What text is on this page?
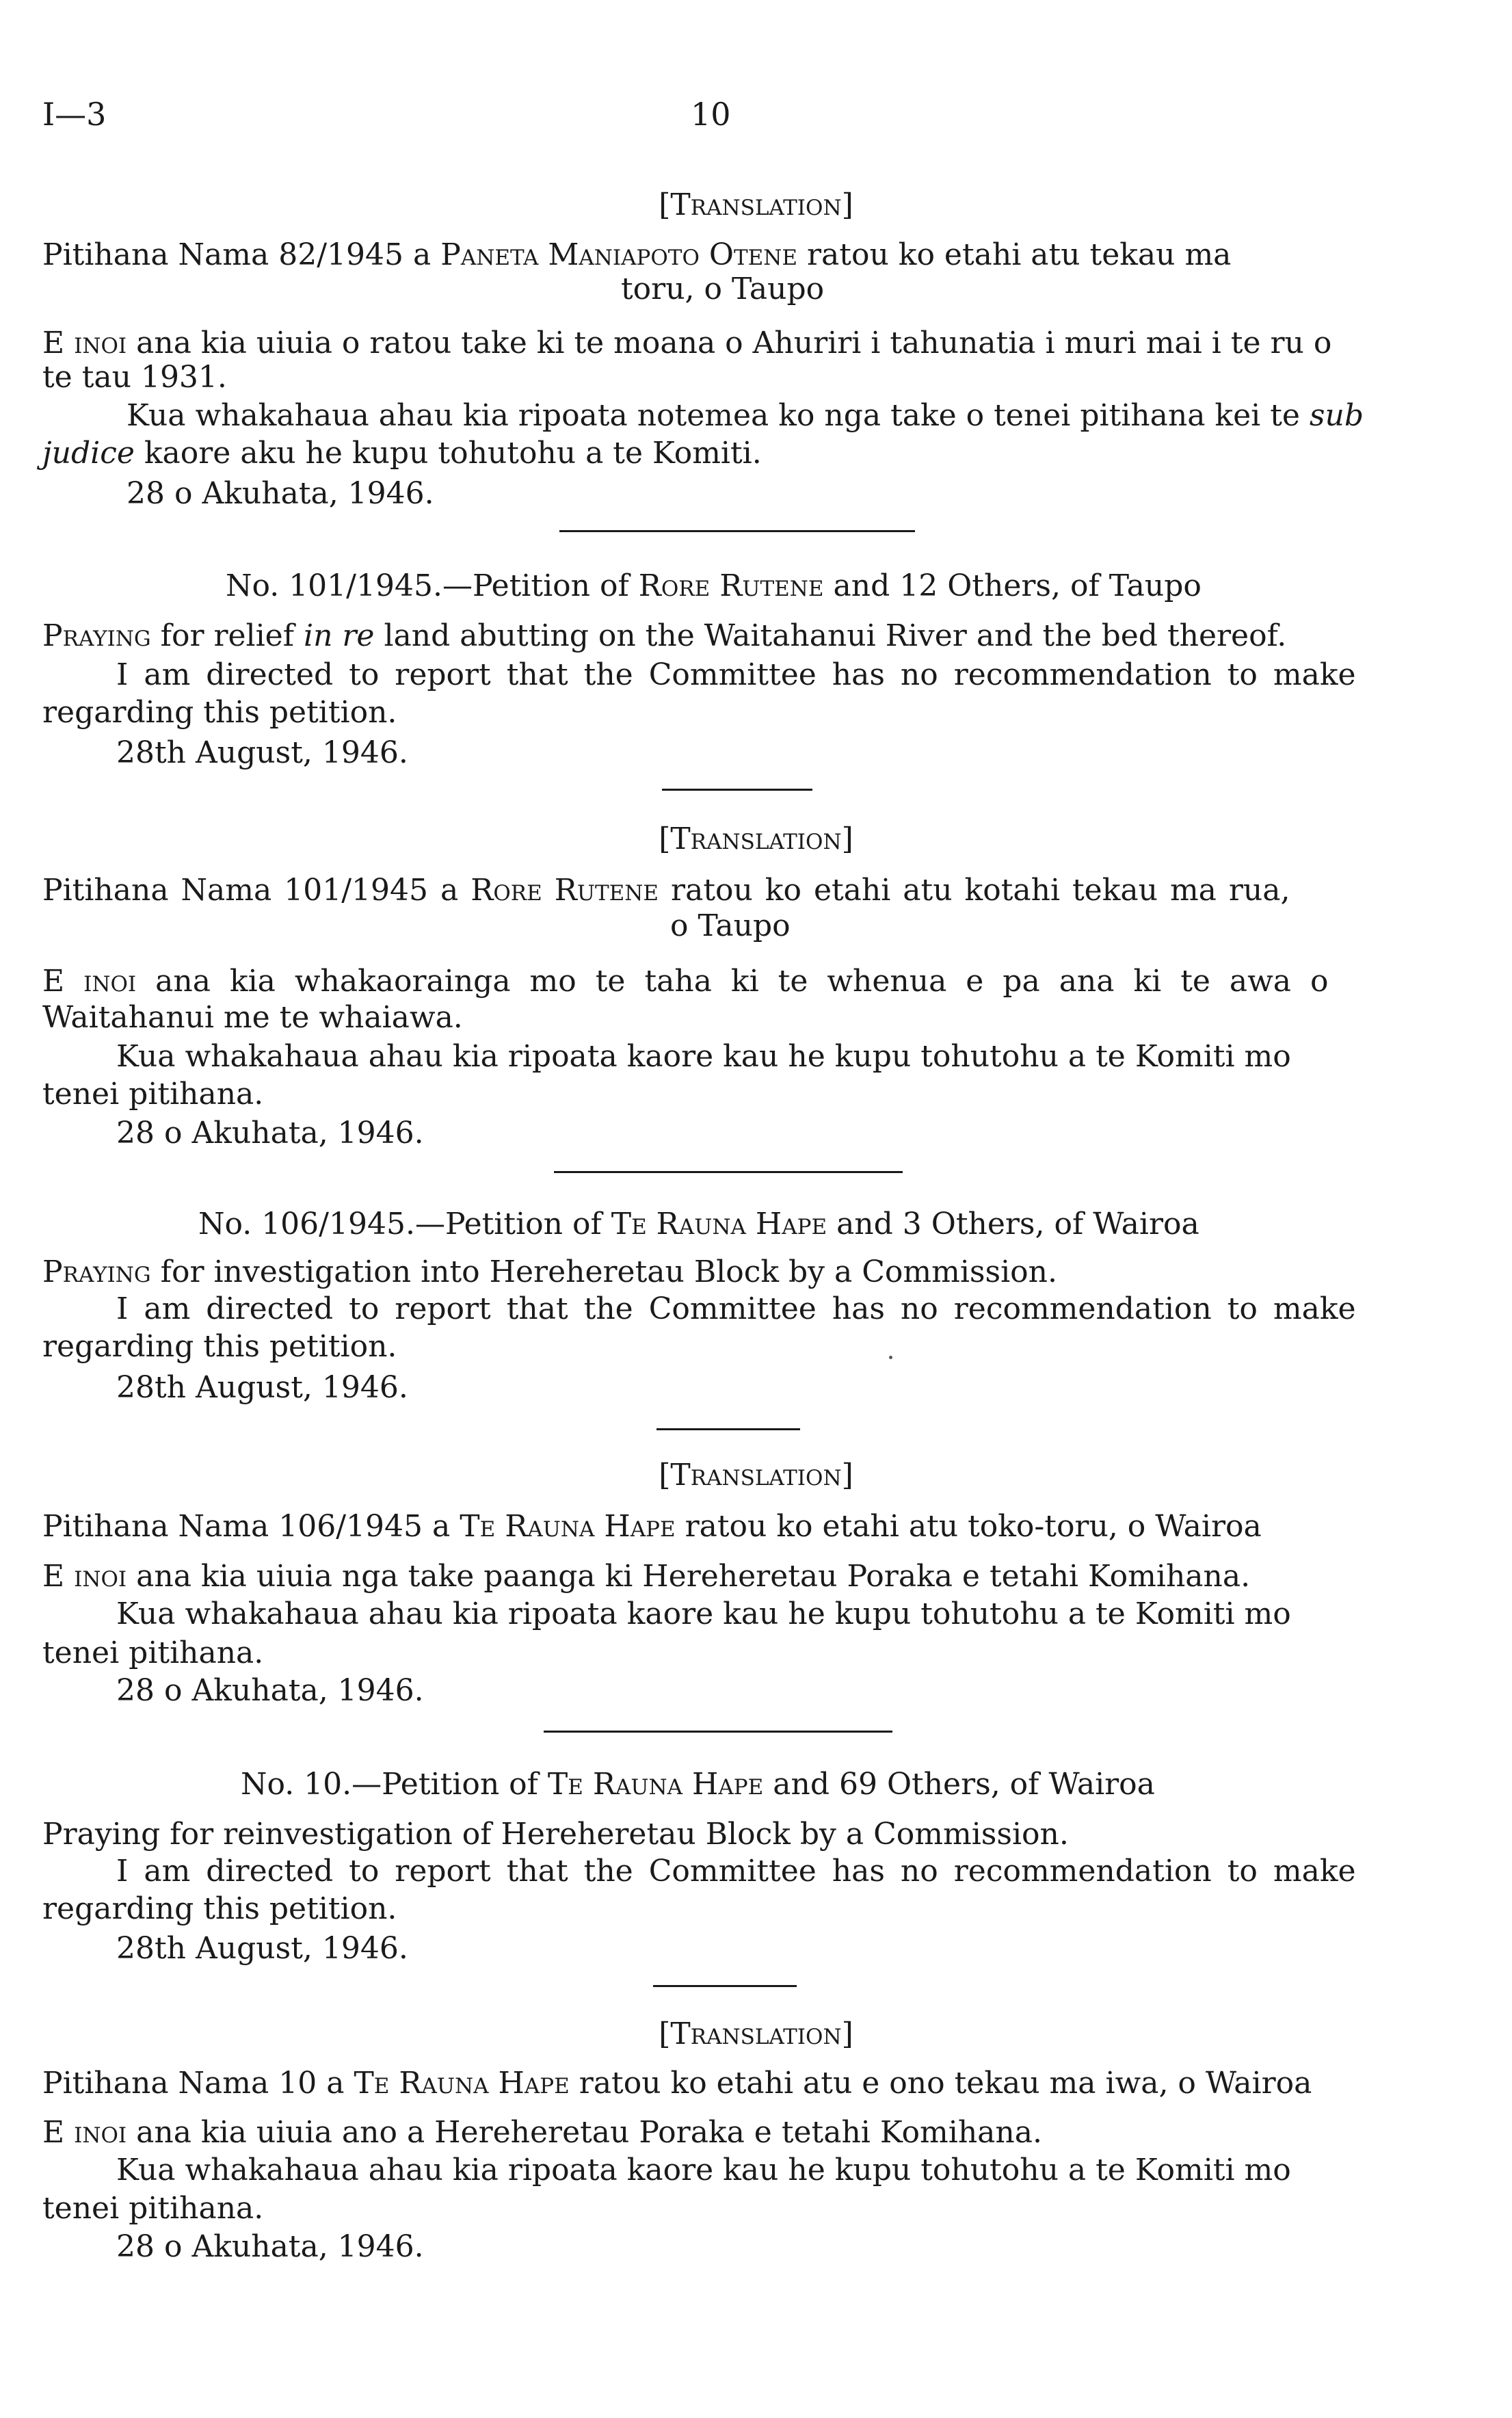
I—3	10
[Translation]
Pitihana Nama 82/1945 a Paneta Maniapoto Otene ratou ko etahi atu tekau ma
toru, o Taupo
E inoi ana kia uiuia o ratou take ki te moana o Ahuriri i tahunatia i muri mai i te ru o
te tau 1931.
Kua whakahaua ahau kia ripoata notemea ko nga take o tenei pitihana kei te sub
judice kaore aku he kupu tohutohu a te Komiti.
28 o Akuhata, 1946.
No. 101/1945.—Petition of Rore Rutene and 12 Others, of Taupo
Praying for relief in re land abutting on the Waitahanui River and the bed thereof.
I am directed to report that the Committee has no recommendation to make
regarding this petition.
28th August, 1946.
[Translation]
Pitihana Nama 101/1945 a Rore Rutene ratou ko etahi atu kotahi tekau ma rua,
o Taupo
E inoi ana kia whakaorainga mo te taha ki te whenua e pa ana ki te awa o
Waitahanui me te whaiawa.
Kua whakahaua ahau kia ripoata kaore kau he kupu tohutohu a te Komiti mo
tenei pitihana.
28 o Akuhata, 1946.
No. 106/1945.—Petition of Te Rauna Hape and 3 Others, of Wairoa
Praying for investigation into Hereheretau Block by a Commission.
I am directed to report that the Committee has no recommendation to make
regarding this petition.
28th August, 1946.
[Translation]
Pitihana Nama 106/1945 a Te Rauna Hape ratou ko etahi atu toko-toru, o Wairoa
E inoi ana kia uiuia nga take paanga ki Hereheretau Poraka e tetahi Komihana.
Kua whakahaua ahau kia ripoata kaore kau he kupu tohutohu a te Komiti mo
tenei pitihana.
28 o Akuhata, 1946.
No. 10.—Petition of Te Rauna Hape and 69 Others, of Wairoa
Praying for reinvestigation of Hereheretau Block by a Commission.
I am directed to report that the Committee has no recommendation to make
regarding this petition.
28th August, 1946.
[Translation]
Pitihana Nama 10 a Te Rauna Hape ratou ko etahi atu e ono tekau ma iwa, o Wairoa
E inoi ana kia uiuia ano a Hereheretau Poraka e tetahi Komihana.
Kua whakahaua ahau kia ripoata kaore kau he kupu tohutohu a te Komiti mo
tenei pitihana.
28 o Akuhata, 1946.
